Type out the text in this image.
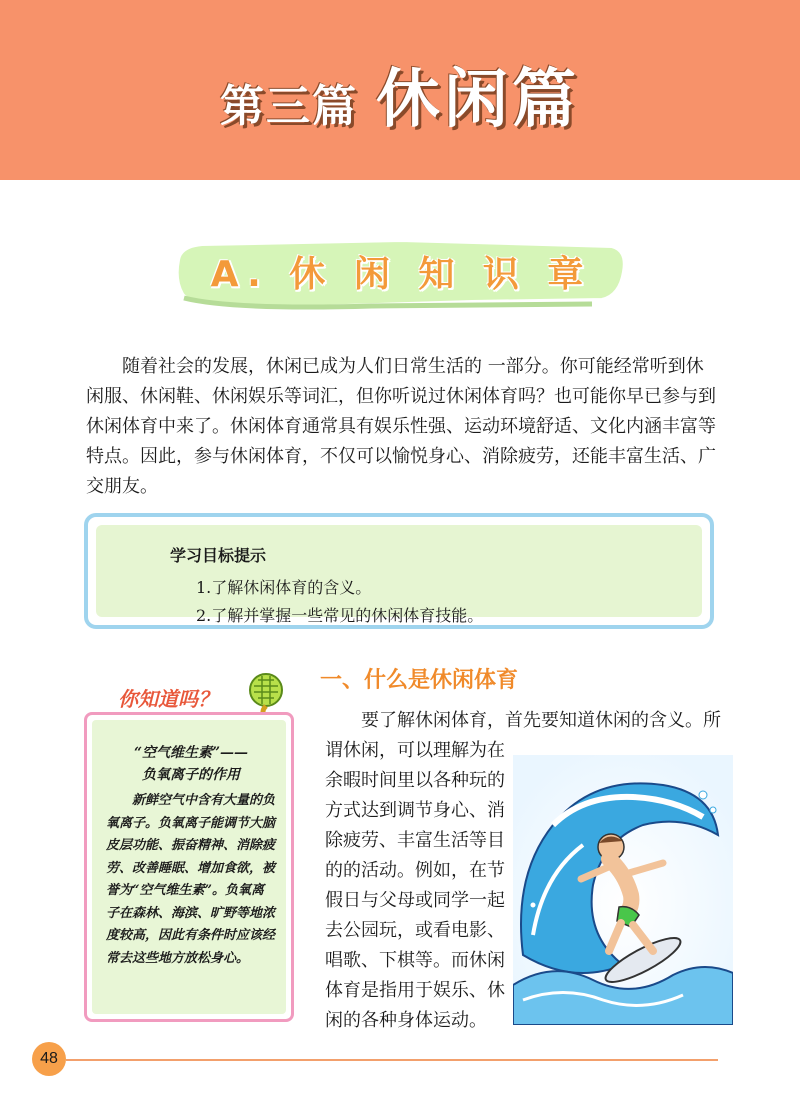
第三篇 休闲篇
A. 休 闲 知 识 章

随着社会的发展，休闲已成为人们日常生活的 一部分。你可能经常听到休闲服、休闲鞋、休闲娱乐等词汇，但你听说过休闲体育吗？也可能你早已参与到休闲体育中来了。休闲体育通常具有娱乐性强、运动环境舒适、文化内涵丰富等特点。因此，参与休闲体育，不仅可以愉悦身心、消除疲劳，还能丰富生活、广交朋友。

学习目标提示
1.了解休闲体育的含义。
2.了解并掌握一些常见的休闲体育技能。
你知道吗？

“空气维生素”——

负氧离子的作用

新鲜空气中含有大量的负氧离子。负氧离子能调节大脑皮层功能、振奋精神、消除疲劳、改善睡眠、增加食欲，被誉为“空气维生素”。负氧离子在森林、海滨、旷野等地浓度较高，因此有条件时应该经常去这些地方放松身心。

一、什么是休闲体育

要了解休闲体育，首先要知道休闲的含义。所

谓休闲，可以理解为在余暇时间里以各种玩的方式达到调节身心、消除疲劳、丰富生活等目的的活动。例如，在节假日与父母或同学一起去公园玩，或看电影、唱歌、下棋等。而休闲体育是指用于娱乐、休闲的各种身体运动。

48
